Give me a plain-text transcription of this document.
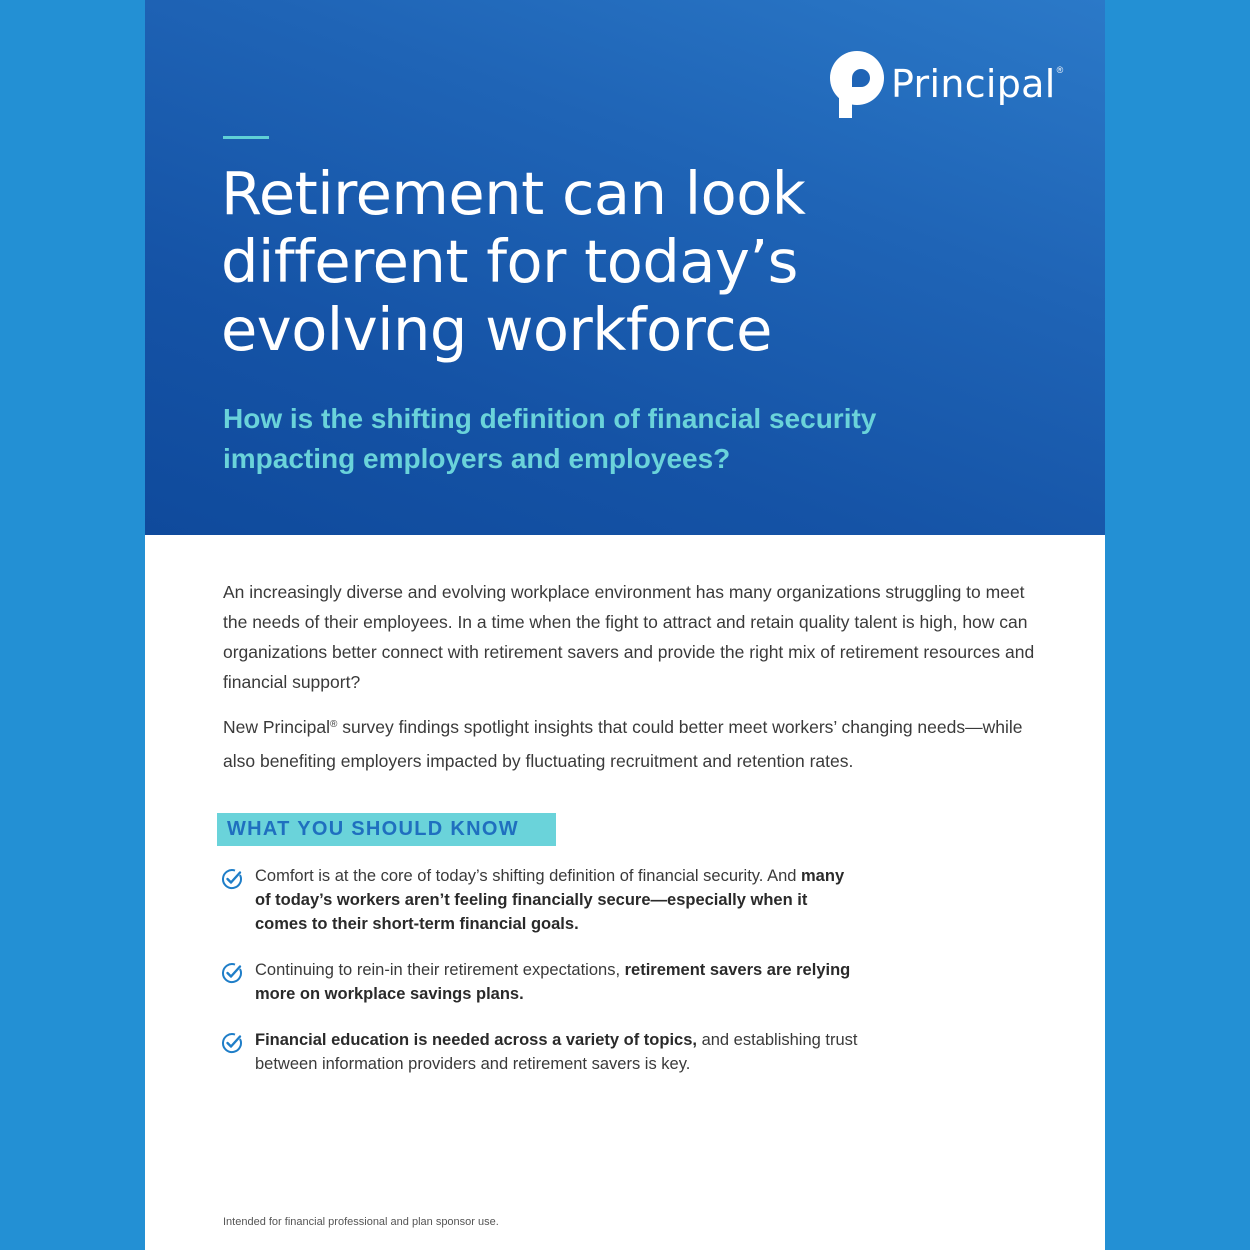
Principal ®
Retirement can look different for today’s evolving workforce
How is the shifting definition of financial security impacting employers and employees?

An increasingly diverse and evolving workplace environment has many organizations struggling to meet the needs of their employees. In a time when the fight to attract and retain quality talent is high, how can organizations better connect with retirement savers and provide the right mix of retirement resources and financial support?

New Principal® survey findings spotlight insights that could better meet workers’ changing needs—while also benefiting employers impacted by fluctuating recruitment and retention rates.

WHAT YOU SHOULD KNOW
Comfort is at the core of today’s shifting definition of financial security. And many of today’s workers aren’t feeling financially secure—especially when it comes to their short-term financial goals.
Continuing to rein-in their retirement expectations, retirement savers are relying more on workplace savings plans.
Financial education is needed across a variety of topics, and establishing trust between information providers and retirement savers is key.

Intended for financial professional and plan sponsor use.
